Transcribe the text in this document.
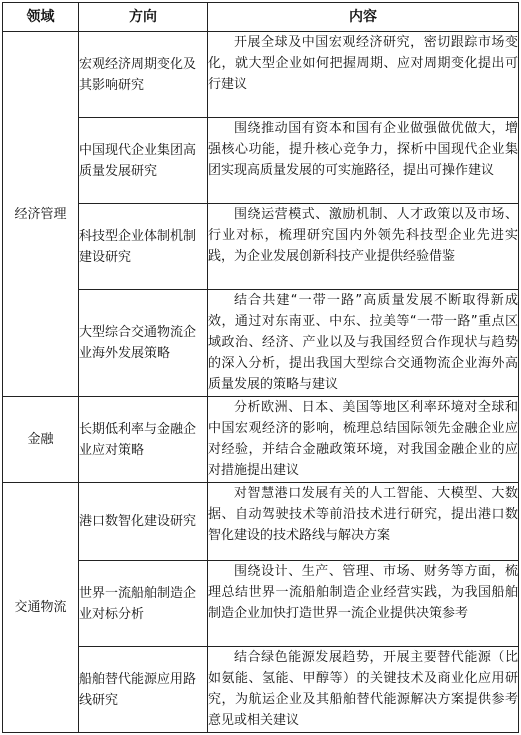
领域	方向	内容
经济管理	宏观经济周期变化及其影响研究	开展全球及中国宏观经济研究，密切跟踪市场变化，就大型企业如何把握周期、应对周期变化提出可行建议

	中国现代企业集团高质量发展研究	围绕推动国有资本和国有企业做强做优做大，增强核心功能，提升核心竞争力，探析中国现代企业集团实现高质量发展的可实施路径，提出可操作建议

	科技型企业体制机制建设研究	围绕运营模式、激励机制、人才政策以及市场、行业对标，梳理研究国内外领先科技型企业先进实践，为企业发展创新科技产业提供经验借鉴

	大型综合交通物流企业海外发展策略	结合共建“一带一路”高质量发展不断取得新成效，通过对东南亚、中东、拉美等“一带一路”重点区域政治、经济、产业以及与我国经贸合作现状与趋势的深入分析，提出我国大型综合交通物流企业海外高质量发展的策略与建议

金融	长期低利率与金融企业应对策略	分析欧洲、日本、美国等地区利率环境对全球和中国宏观经济的影响，梳理总结国际领先金融企业应对经验，并结合金融政策环境，对我国金融企业的应对措施提出建议

交通物流	港口数智化建设研究	对智慧港口发展有关的人工智能、大模型、大数据、自动驾驶技术等前沿技术进行研究，提出港口数智化建设的技术路线与解决方案

	世界一流船舶制造企业对标分析	围绕设计、生产、管理、市场、财务等方面，梳理总结世界一流船舶制造企业经营实践，为我国船舶制造企业加快打造世界一流企业提供决策参考

	船舶替代能源应用路线研究	结合绿色能源发展趋势，开展主要替代能源（比如氨能、氢能、甲醇等）的关键技术及商业化应用研究，为航运企业及其船舶替代能源解决方案提供参考意见或相关建议
